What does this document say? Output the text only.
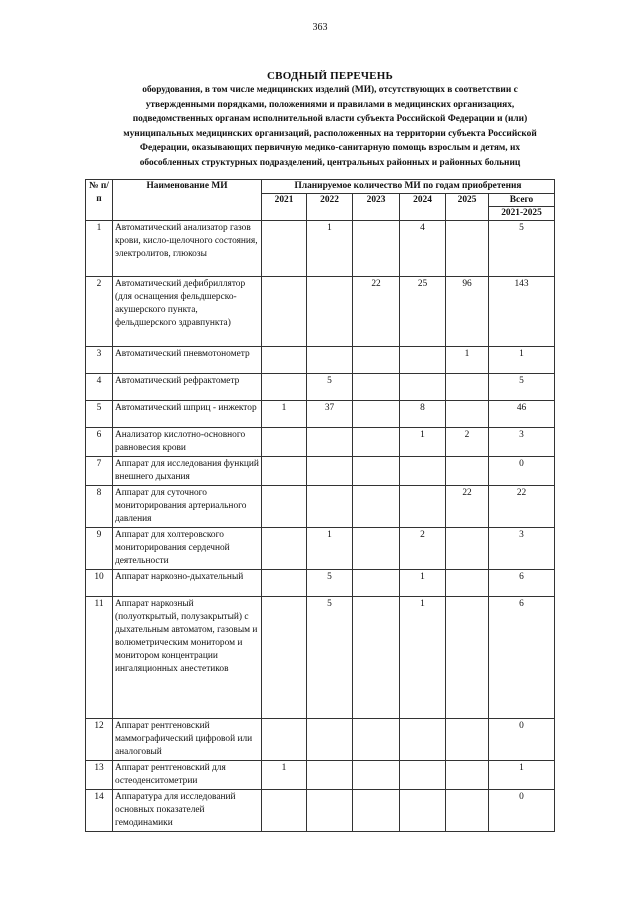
363
СВОДНЫЙ ПЕРЕЧЕНЬ
оборудования, в том числе медицинских изделий (МИ), отсутствующих в соответствии с
утвержденными порядками, положениями и правилами в медицинских организациях,
подведомственных органам исполнительной власти субъекта Российской Федерации и (или)
муниципальных медицинских организаций, расположенных на территории субъекта Российской
Федерации, оказывающих первичную медико-санитарную помощь взрослым и детям, их
обособленных структурных подразделений, центральных районных и районных больниц
№ п/п	Наименование МИ	Планируемое количество МИ по годам приобретения					
		2021	2022	2023	2024	2025	Всего
							2021-2025
1	Автоматический анализатор газов крови, кисло-щелочного состояния, электролитов, глюкозы		1		4		5
2	Автоматический дефибриллятор (для оснащения фельдшерско-акушерского пункта, фельдшерского здравпункта)			22	25	96	143
3	Автоматический пневмотонометр					1	1
4	Автоматический рефрактометр		5				5
5	Автоматический шприц - инжектор	1	37		8		46
6	Анализатор кислотно-основного равновесия крови				1	2	3
7	Аппарат для исследования функций внешнего дыхания						0
8	Аппарат для суточного мониторирования артериального давления					22	22
9	Аппарат для холтеровского мониторирования сердечной деятельности		1		2		3
10	Аппарат наркозно-дыхательный		5		1		6
11	Аппарат наркозный (полуоткрытый, полузакрытый) с дыхательным автоматом, газовым и волюметрическим монитором и монитором концентрации ингаляционных анестетиков		5		1		6
12	Аппарат рентгеновский маммографический цифровой или аналоговый						0
13	Аппарат рентгеновский для остеоденситометрии	1					1
14	Аппаратура для исследований основных показателей гемодинамики						0
